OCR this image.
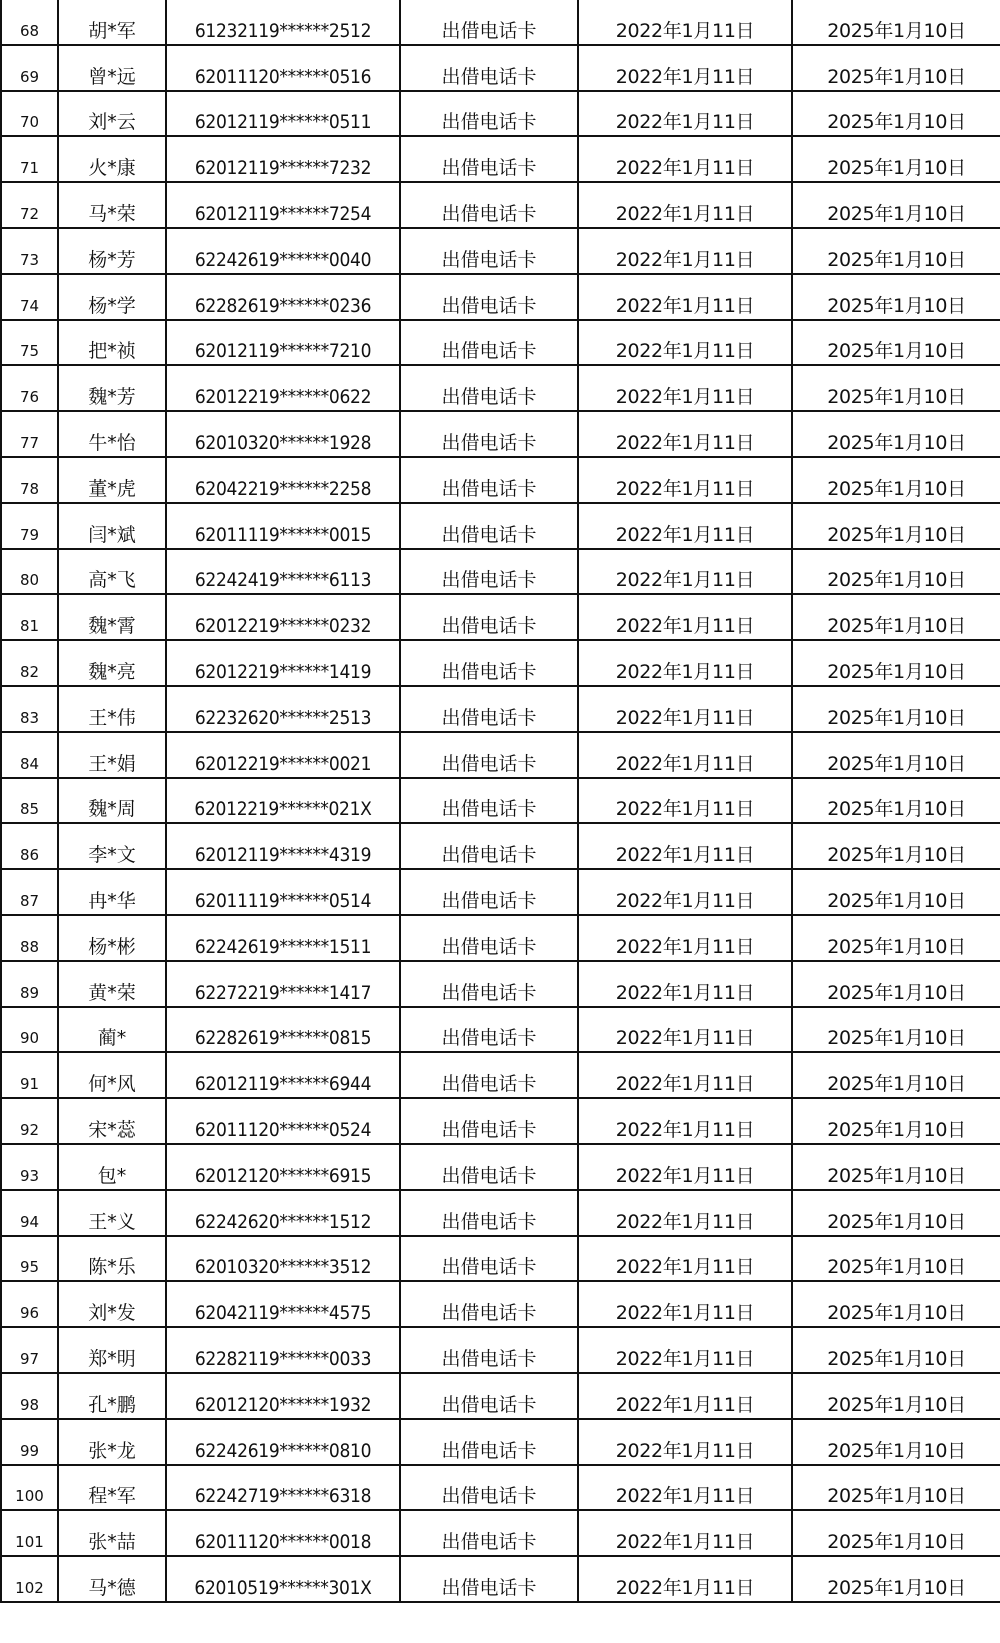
68	胡*军	61232119******2512	出借电话卡	2022年1月11日	2025年1月10日
69	曾*远	62011120******0516	出借电话卡	2022年1月11日	2025年1月10日
70	刘*云	62012119******0511	出借电话卡	2022年1月11日	2025年1月10日
71	火*康	62012119******7232	出借电话卡	2022年1月11日	2025年1月10日
72	马*荣	62012119******7254	出借电话卡	2022年1月11日	2025年1月10日
73	杨*芳	62242619******0040	出借电话卡	2022年1月11日	2025年1月10日
74	杨*学	62282619******0236	出借电话卡	2022年1月11日	2025年1月10日
75	把*祯	62012119******7210	出借电话卡	2022年1月11日	2025年1月10日
76	魏*芳	62012219******0622	出借电话卡	2022年1月11日	2025年1月10日
77	牛*怡	62010320******1928	出借电话卡	2022年1月11日	2025年1月10日
78	董*虎	62042219******2258	出借电话卡	2022年1月11日	2025年1月10日
79	闫*斌	62011119******0015	出借电话卡	2022年1月11日	2025年1月10日
80	高*飞	62242419******6113	出借电话卡	2022年1月11日	2025年1月10日
81	魏*霄	62012219******0232	出借电话卡	2022年1月11日	2025年1月10日
82	魏*亮	62012219******1419	出借电话卡	2022年1月11日	2025年1月10日
83	王*伟	62232620******2513	出借电话卡	2022年1月11日	2025年1月10日
84	王*娟	62012219******0021	出借电话卡	2022年1月11日	2025年1月10日
85	魏*周	62012219******021X	出借电话卡	2022年1月11日	2025年1月10日
86	李*文	62012119******4319	出借电话卡	2022年1月11日	2025年1月10日
87	冉*华	62011119******0514	出借电话卡	2022年1月11日	2025年1月10日
88	杨*彬	62242619******1511	出借电话卡	2022年1月11日	2025年1月10日
89	黄*荣	62272219******1417	出借电话卡	2022年1月11日	2025年1月10日
90	蔺*	62282619******0815	出借电话卡	2022年1月11日	2025年1月10日
91	何*风	62012119******6944	出借电话卡	2022年1月11日	2025年1月10日
92	宋*蕊	62011120******0524	出借电话卡	2022年1月11日	2025年1月10日
93	包*	62012120******6915	出借电话卡	2022年1月11日	2025年1月10日
94	王*义	62242620******1512	出借电话卡	2022年1月11日	2025年1月10日
95	陈*乐	62010320******3512	出借电话卡	2022年1月11日	2025年1月10日
96	刘*发	62042119******4575	出借电话卡	2022年1月11日	2025年1月10日
97	郑*明	62282119******0033	出借电话卡	2022年1月11日	2025年1月10日
98	孔*鹏	62012120******1932	出借电话卡	2022年1月11日	2025年1月10日
99	张*龙	62242619******0810	出借电话卡	2022年1月11日	2025年1月10日
100	程*军	62242719******6318	出借电话卡	2022年1月11日	2025年1月10日
101	张*喆	62011120******0018	出借电话卡	2022年1月11日	2025年1月10日
102	马*德	62010519******301X	出借电话卡	2022年1月11日	2025年1月10日
